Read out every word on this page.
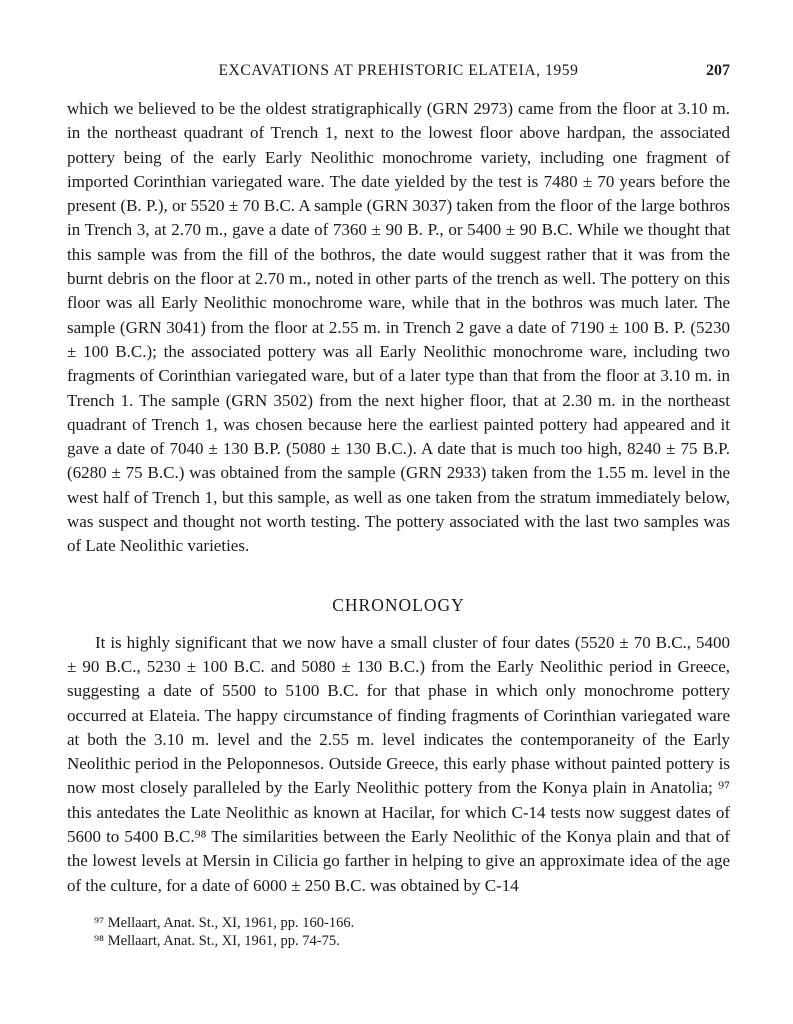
EXCAVATIONS AT PREHISTORIC ELATEIA, 1959	207

which we believed to be the oldest stratigraphically (GRN 2973) came from the floor at 3.10 m. in the northeast quadrant of Trench 1, next to the lowest floor above hardpan, the associated pottery being of the early Early Neolithic monochrome variety, including one fragment of imported Corinthian variegated ware. The date yielded by the test is 7480 ± 70 years before the present (B. P.), or 5520 ± 70 B.C. A sample (GRN 3037) taken from the floor of the large bothros in Trench 3, at 2.70 m., gave a date of 7360 ± 90 B. P., or 5400 ± 90 B.C. While we thought that this sample was from the fill of the bothros, the date would suggest rather that it was from the burnt debris on the floor at 2.70 m., noted in other parts of the trench as well. The pottery on this floor was all Early Neolithic monochrome ware, while that in the bothros was much later. The sample (GRN 3041) from the floor at 2.55 m. in Trench 2 gave a date of 7190 ± 100 B. P. (5230 ± 100 B.C.); the associated pottery was all Early Neolithic monochrome ware, including two fragments of Corinthian variegated ware, but of a later type than that from the floor at 3.10 m. in Trench 1. The sample (GRN 3502) from the next higher floor, that at 2.30 m. in the northeast quadrant of Trench 1, was chosen because here the earliest painted pottery had appeared and it gave a date of 7040 ± 130 B.P. (5080 ± 130 B.C.). A date that is much too high, 8240 ± 75 B.P. (6280 ± 75 B.C.) was obtained from the sample (GRN 2933) taken from the 1.55 m. level in the west half of Trench 1, but this sample, as well as one taken from the stratum immediately below, was suspect and thought not worth testing. The pottery associated with the last two samples was of Late Neolithic varieties.

CHRONOLOGY

It is highly significant that we now have a small cluster of four dates (5520 ± 70 B.C., 5400 ± 90 B.C., 5230 ± 100 B.C. and 5080 ± 130 B.C.) from the Early Neolithic period in Greece, suggesting a date of 5500 to 5100 B.C. for that phase in which only monochrome pottery occurred at Elateia. The happy circumstance of finding fragments of Corinthian variegated ware at both the 3.10 m. level and the 2.55 m. level indicates the contemporaneity of the Early Neolithic period in the Peloponnesos. Outside Greece, this early phase without painted pottery is now most closely paralleled by the Early Neolithic pottery from the Konya plain in Anatolia; ⁹⁷ this antedates the Late Neolithic as known at Hacilar, for which C-14 tests now suggest dates of 5600 to 5400 B.C.⁹⁸ The similarities between the Early Neolithic of the Konya plain and that of the lowest levels at Mersin in Cilicia go farther in helping to give an approximate idea of the age of the culture, for a date of 6000 ± 250 B.C. was obtained by C-14

⁹⁷ Mellaart, Anat. St., XI, 1961, pp. 160-166.

⁹⁸ Mellaart, Anat. St., XI, 1961, pp. 74-75.
